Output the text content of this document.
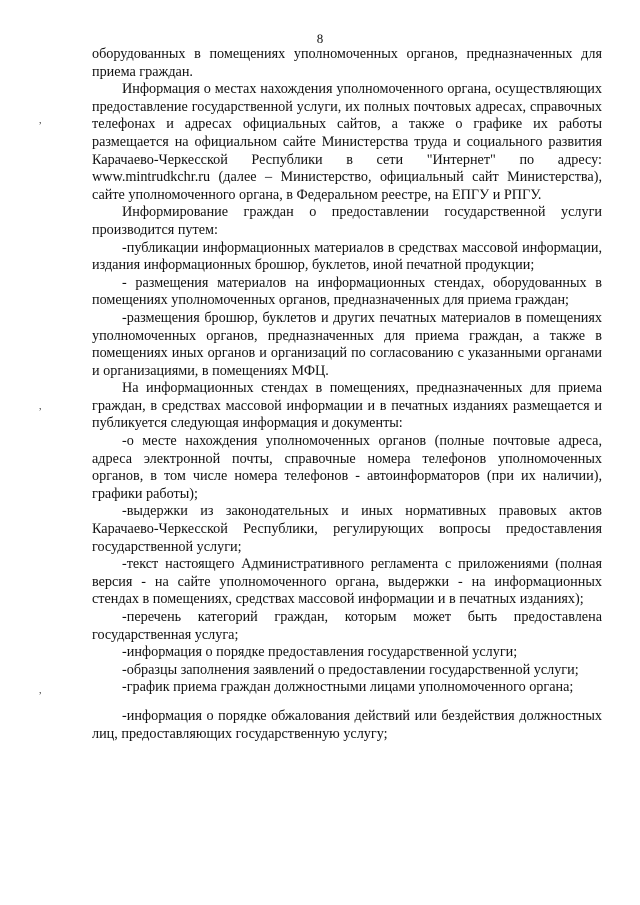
8
,
,
,

оборудованных в помещениях уполномоченных органов, предназначенных для приема граждан.

Информация о местах нахождения уполномоченного органа, осуществляющих предоставление государственной услуги, их полных почтовых адресах, справочных телефонах и адресах официальных сайтов, а также о графике их работы размещается на официальном сайте Министерства труда и социального развития Карачаево-Черкесской Республики в сети "Интернет" по адресу: www.mintrudkchr.ru (далее – Министерство, официальный сайт Министерства), сайте уполномоченного органа, в Федеральном реестре, на ЕПГУ и РПГУ.

Информирование граждан о предоставлении государственной услуги производится путем:

-публикации информационных материалов в средствах массовой информации, издания информационных брошюр, буклетов, иной печатной продукции;

- размещения материалов на информационных стендах, оборудованных в помещениях уполномоченных органов, предназначенных для приема граждан;

-размещения брошюр, буклетов и других печатных материалов в помещениях уполномоченных органов, предназначенных для приема граждан, а также в помещениях иных органов и организаций по согласованию с указанными органами и организациями, в помещениях МФЦ.

На информационных стендах в помещениях, предназначенных для приема граждан, в средствах массовой информации и в печатных изданиях размещается и публикуется следующая информация и документы:

-о месте нахождения уполномоченных органов (полные почтовые адреса, адреса электронной почты, справочные номера телефонов уполномоченных органов, в том числе номера телефонов - автоинформаторов (при их наличии), графики работы);

-выдержки из законодательных и иных нормативных правовых актов Карачаево-Черкесской Республики, регулирующих вопросы предоставления государственной услуги;

-текст настоящего Административного регламента с приложениями (полная версия - на сайте уполномоченного органа, выдержки - на информационных стендах в помещениях, средствах массовой информации и в печатных изданиях);

-перечень категорий граждан, которым может быть предоставлена государственная услуга;

-информация о порядке предоставления государственной услуги;

-образцы заполнения заявлений о предоставлении государственной услуги;

-график приема граждан должностными лицами уполномоченного органа;

-информация о порядке обжалования действий или бездействия должностных лиц, предоставляющих государственную услугу;
